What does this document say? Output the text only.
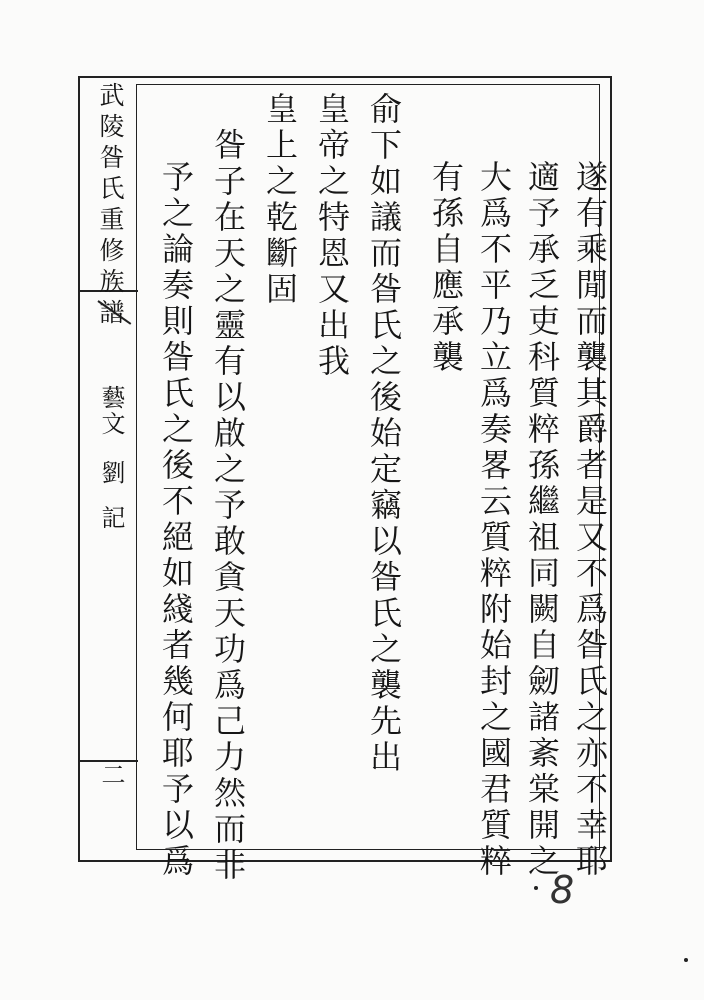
武陵昝氏重修族譜
藝文
劉
記
二	遂有乘閒而襲其爵者是又不爲昝氏之亦不幸耶
適予承乏吏科質粹孫繼祖同闕自劒諸紊棠開之
大爲不平乃立爲奏畧云質粹附始封之國君質粹
有孫自應承襲
俞下如議而昝氏之後始定竊以昝氏之襲先出
皇帝之特恩又出我
皇上之乾斷固
昝子在天之靈有以啟之予敢貪天功爲己力然而非
予之論奏則昝氏之後不絕如綫者幾何耶予以爲
8
